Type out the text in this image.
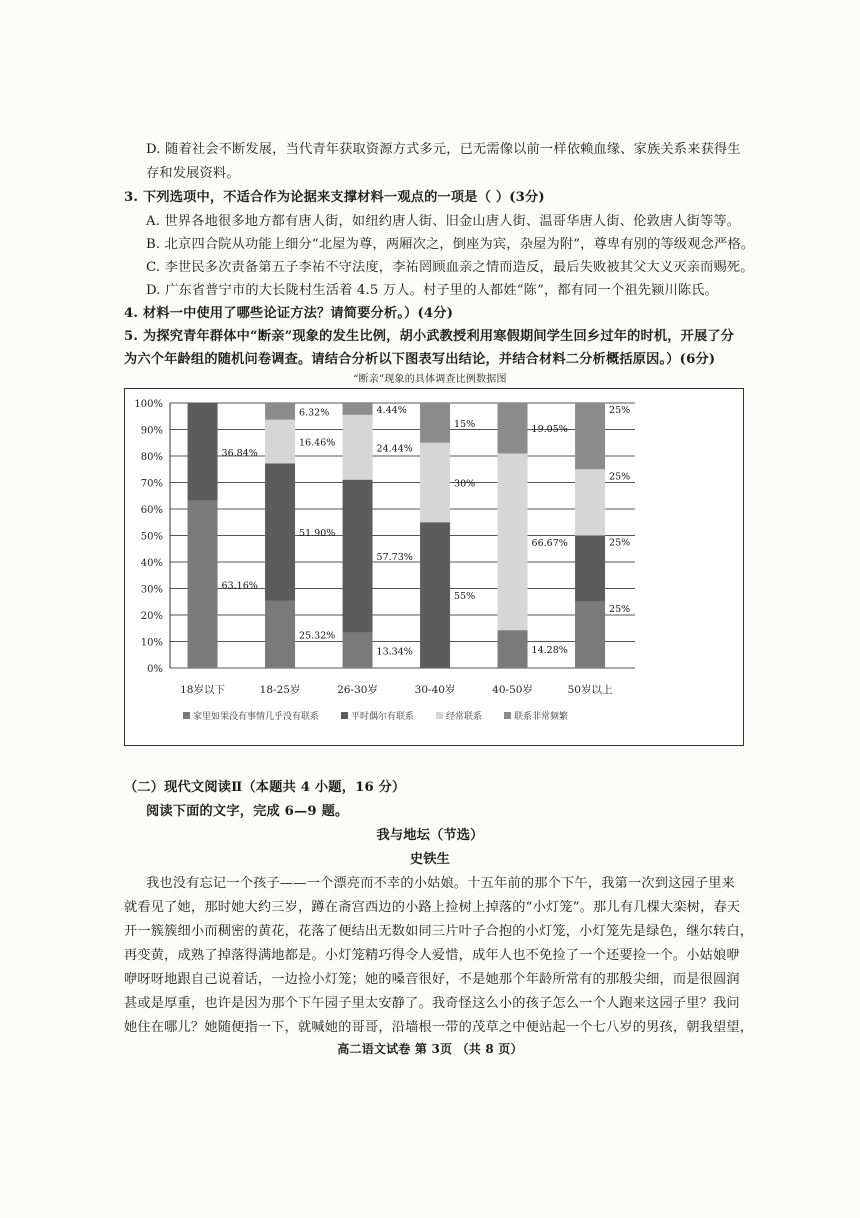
D. 随着社会不断发展，当代青年获取资源方式多元，已无需像以前一样依赖血缘、家族关系来获得生
存和发展资料。
3. 下列选项中，不适合作为论据来支撑材料一观点的一项是（ ）(3分)
A. 世界各地很多地方都有唐人街，如纽约唐人街、旧金山唐人街、温哥华唐人街、伦敦唐人街等等。
B. 北京四合院从功能上细分“北屋为尊，两厢次之，倒座为宾，杂屋为附”，尊卑有别的等级观念严格。
C. 李世民多次责备第五子李祐不守法度，李祐罔顾血亲之情而造反，最后失败被其父大义灭亲而赐死。
D. 广东省普宁市的大长陇村生活着 4.5 万人。村子里的人都姓“陈”，都有同一个祖先颍川陈氏。
4. 材料一中使用了哪些论证方法？请简要分析。）(4分)
5. 为探究青年群体中“断亲”现象的发生比例，胡小武教授利用寒假期间学生回乡过年的时机，开展了分
为六个年龄组的随机问卷调查。请结合分析以下图表写出结论，并结合材料二分析概括原因。）(6分)
“断亲”现象的具体调查比例数据图
0%
10%
20%
30%
40%
50%
60%
70%
80%
90%
100%
63.16%
36.84%
18岁以下
25.32%
51.90%
16.46%
6.32%
18-25岁
13.34%
57.73%
24.44%
4.44%
26-30岁
55%
30%
15%
30-40岁
14.28%
66.67%
19.05%
40-50岁
25%
25%
25%
25%
50岁以上
家里如果没有事情几乎没有联系	平时偶尔有联系	经常联系	联系非常频繁
（二）现代文阅读Ⅱ（本题共 4 小题，16 分）
阅读下面的文字，完成 6—9 题。
我与地坛（节选）
史铁生
我也没有忘记一个孩子——一个漂亮而不幸的小姑娘。十五年前的那个下午，我第一次到这园子里来
就看见了她，那时她大约三岁，蹲在斋宫西边的小路上捡树上掉落的“小灯笼”。那儿有几棵大栾树，春天
开一簇簇细小而稠密的黄花，花落了便结出无数如同三片叶子合抱的小灯笼，小灯笼先是绿色，继尔转白，
再变黄，成熟了掉落得满地都是。小灯笼精巧得令人爱惜，成年人也不免捡了一个还要捡一个。小姑娘咿
咿呀呀地跟自己说着话，一边捡小灯笼；她的嗓音很好，不是她那个年龄所常有的那般尖细，而是很圆润
甚或是厚重，也许是因为那个下午园子里太安静了。我奇怪这么小的孩子怎么一个人跑来这园子里？我问
她住在哪儿？她随便指一下，就喊她的哥哥，沿墙根一带的茂草之中便站起一个七八岁的男孩，朝我望望，
高二语文试卷 第 3页 （共 8 页）
